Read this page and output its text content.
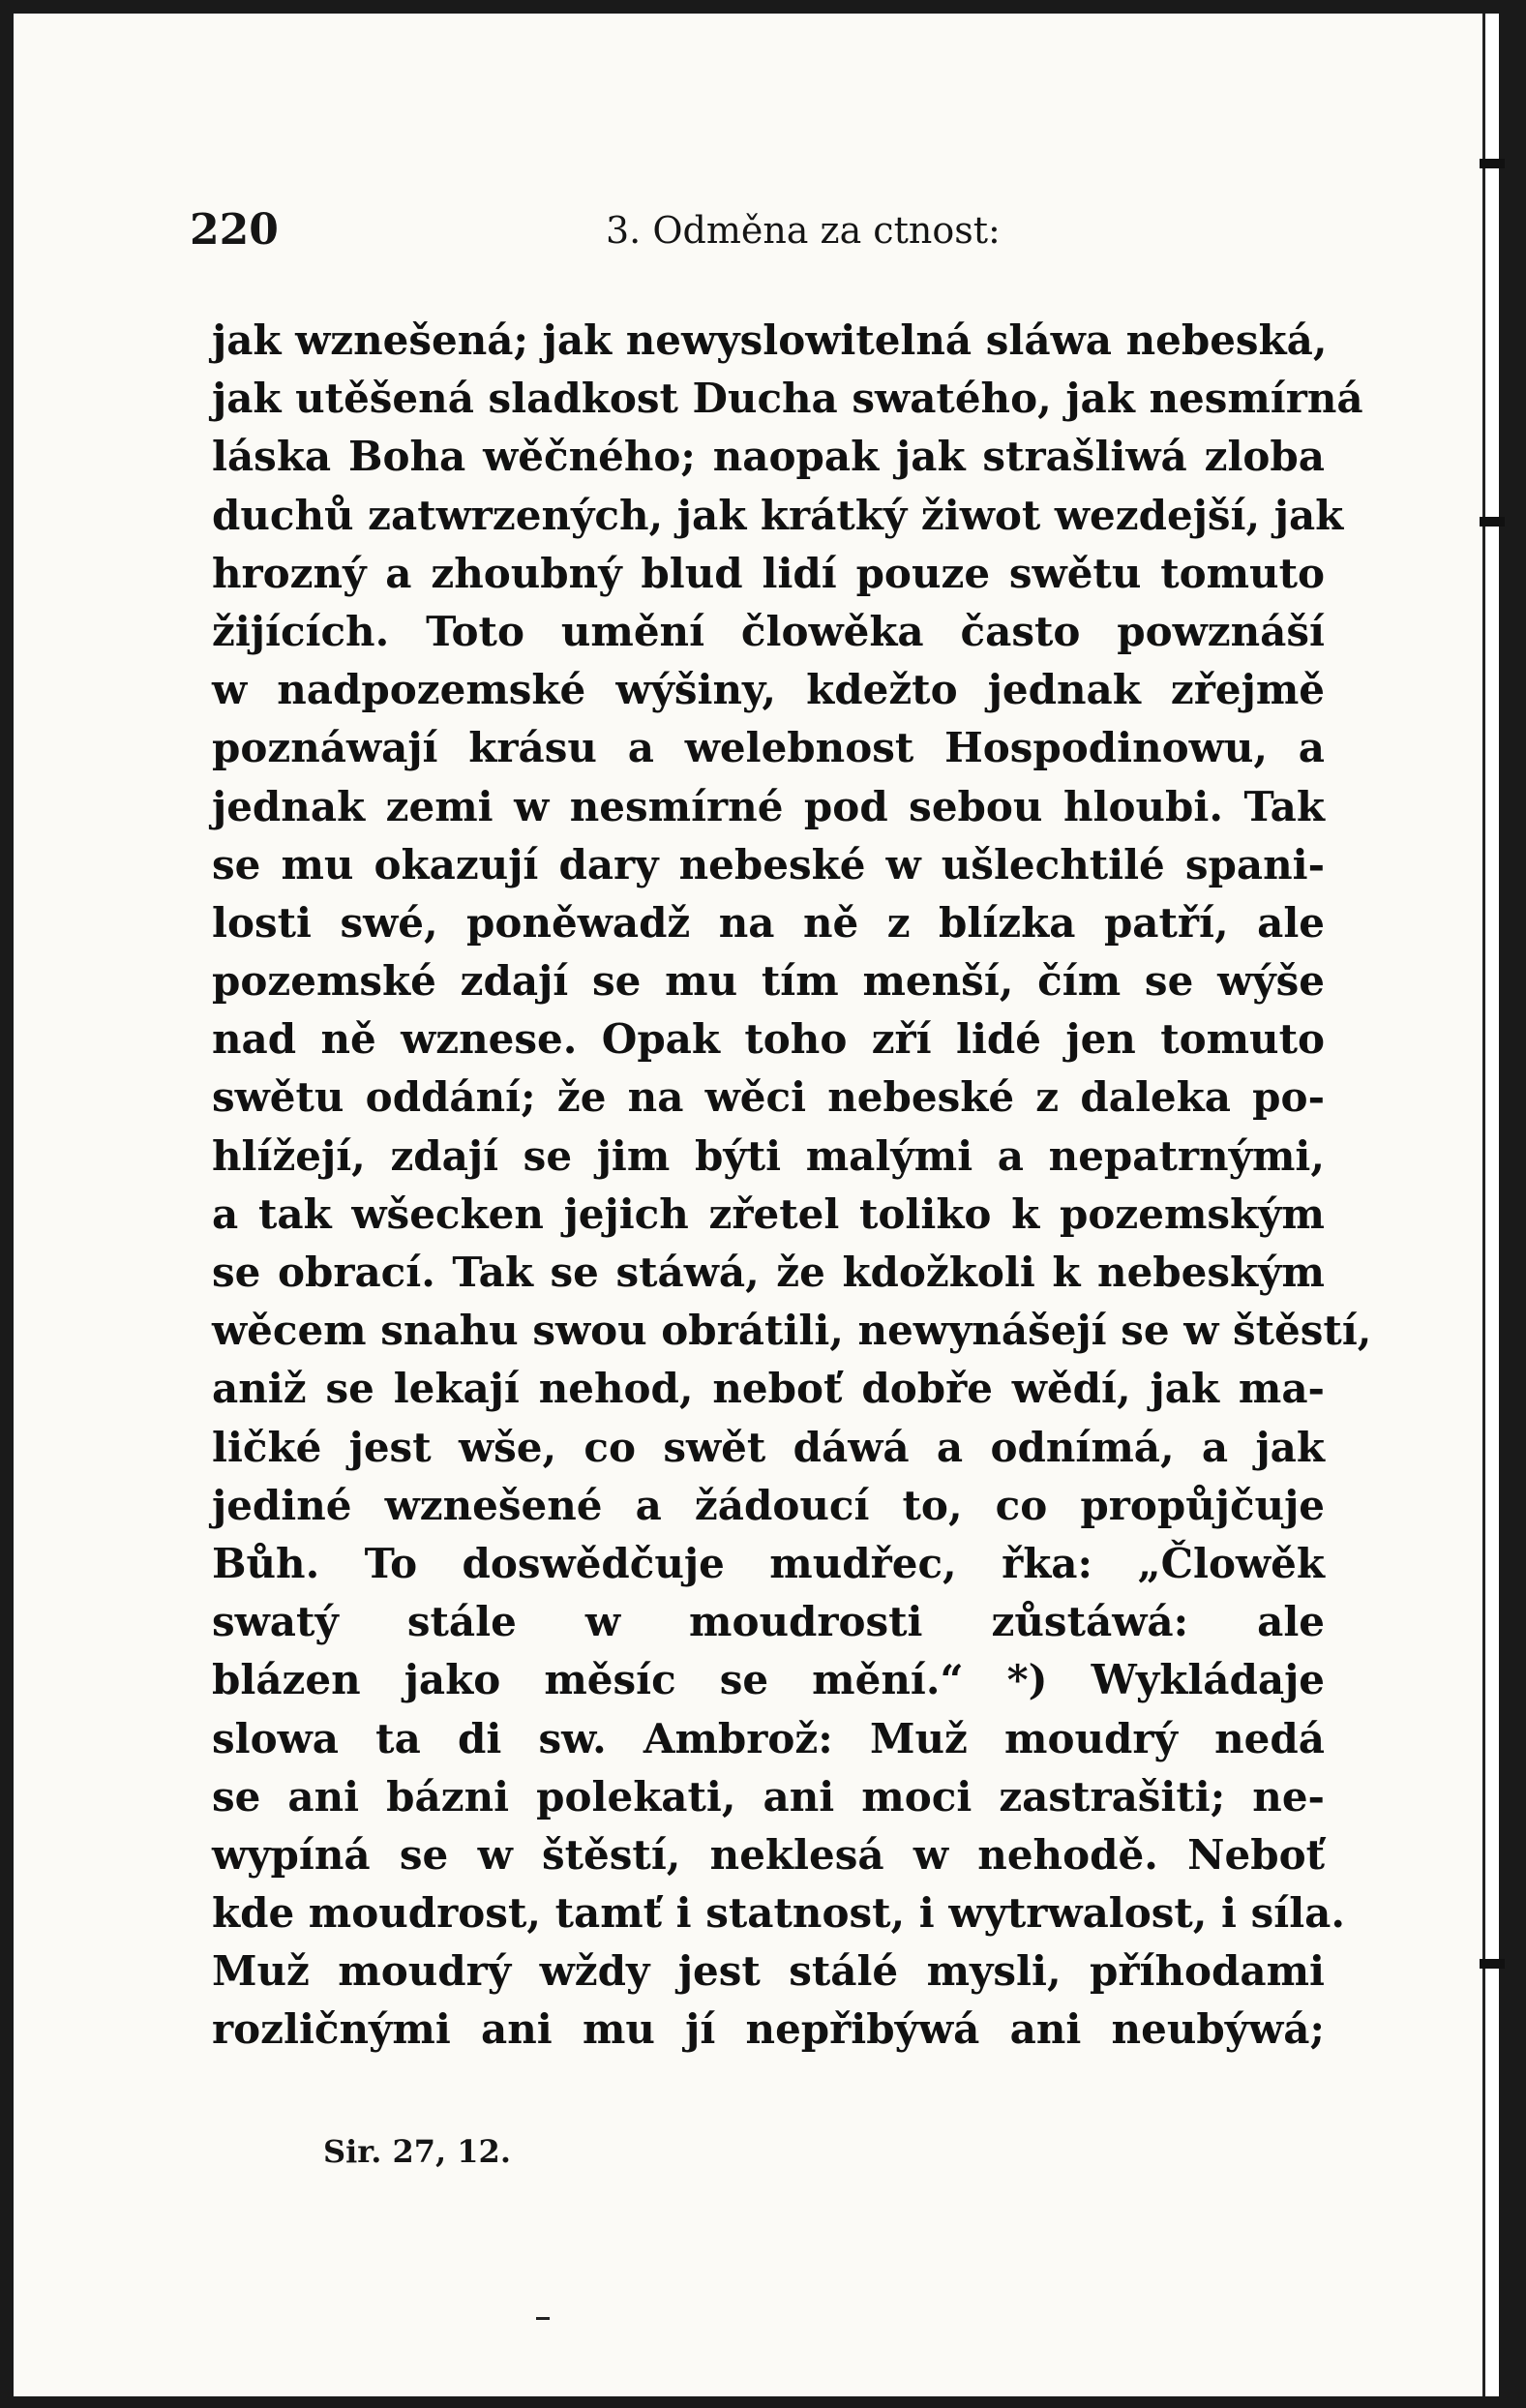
220	3. Odměna za ctnost:
jak wznešená; jak newyslowitelná sláwa nebeská,
jak utěšená sladkost Ducha swatého, jak nesmírná
láska Boha wěčného; naopak jak strašliwá zloba
duchů zatwrzených, jak krátký žiwot wezdejší, jak
hrozný a zhoubný blud lidí pouze swětu tomuto
žijících. Toto umění člowěka často powznáší
w nadpozemské wýšiny, kdežto jednak zřejmě
poznáwají krásu a welebnost Hospodinowu, a
jednak zemi w nesmírné pod sebou hloubi. Tak
se mu okazují dary nebeské w ušlechtilé spani-
losti swé, poněwadž na ně z blízka patří, ale
pozemské zdají se mu tím menší, čím se wýše
nad ně wznese. Opak toho zří lidé jen tomuto
swětu oddání; že na wěci nebeské z daleka po-
hlížejí, zdají se jim býti malými a nepatrnými,
a tak wšecken jejich zřetel toliko k pozemským
se obrací. Tak se stáwá, že kdožkoli k nebeským
wěcem snahu swou obrátili, newynášejí se w štěstí,
aniž se lekají nehod, neboť dobře wědí, jak ma-
ličké jest wše, co swět dáwá a odnímá, a jak
jediné wznešené a žádoucí to, co propůjčuje
Bůh. To doswědčuje mudřec, řka: „Člowěk
swatý stále w moudrosti zůstáwá: ale
blázen jako měsíc se mění.“ *) Wykládaje
slowa ta di sw. Ambrož: Muž moudrý nedá
se ani bázni polekati, ani moci zastrašiti; ne-
wypíná se w štěstí, neklesá w nehodě. Neboť
kde moudrost, tamť i statnost, i wytrwalost, i síla.
Muž moudrý wždy jest stálé mysli, příhodami
rozličnými ani mu jí nepřibýwá ani neubýwá;
Sir. 27, 12.
